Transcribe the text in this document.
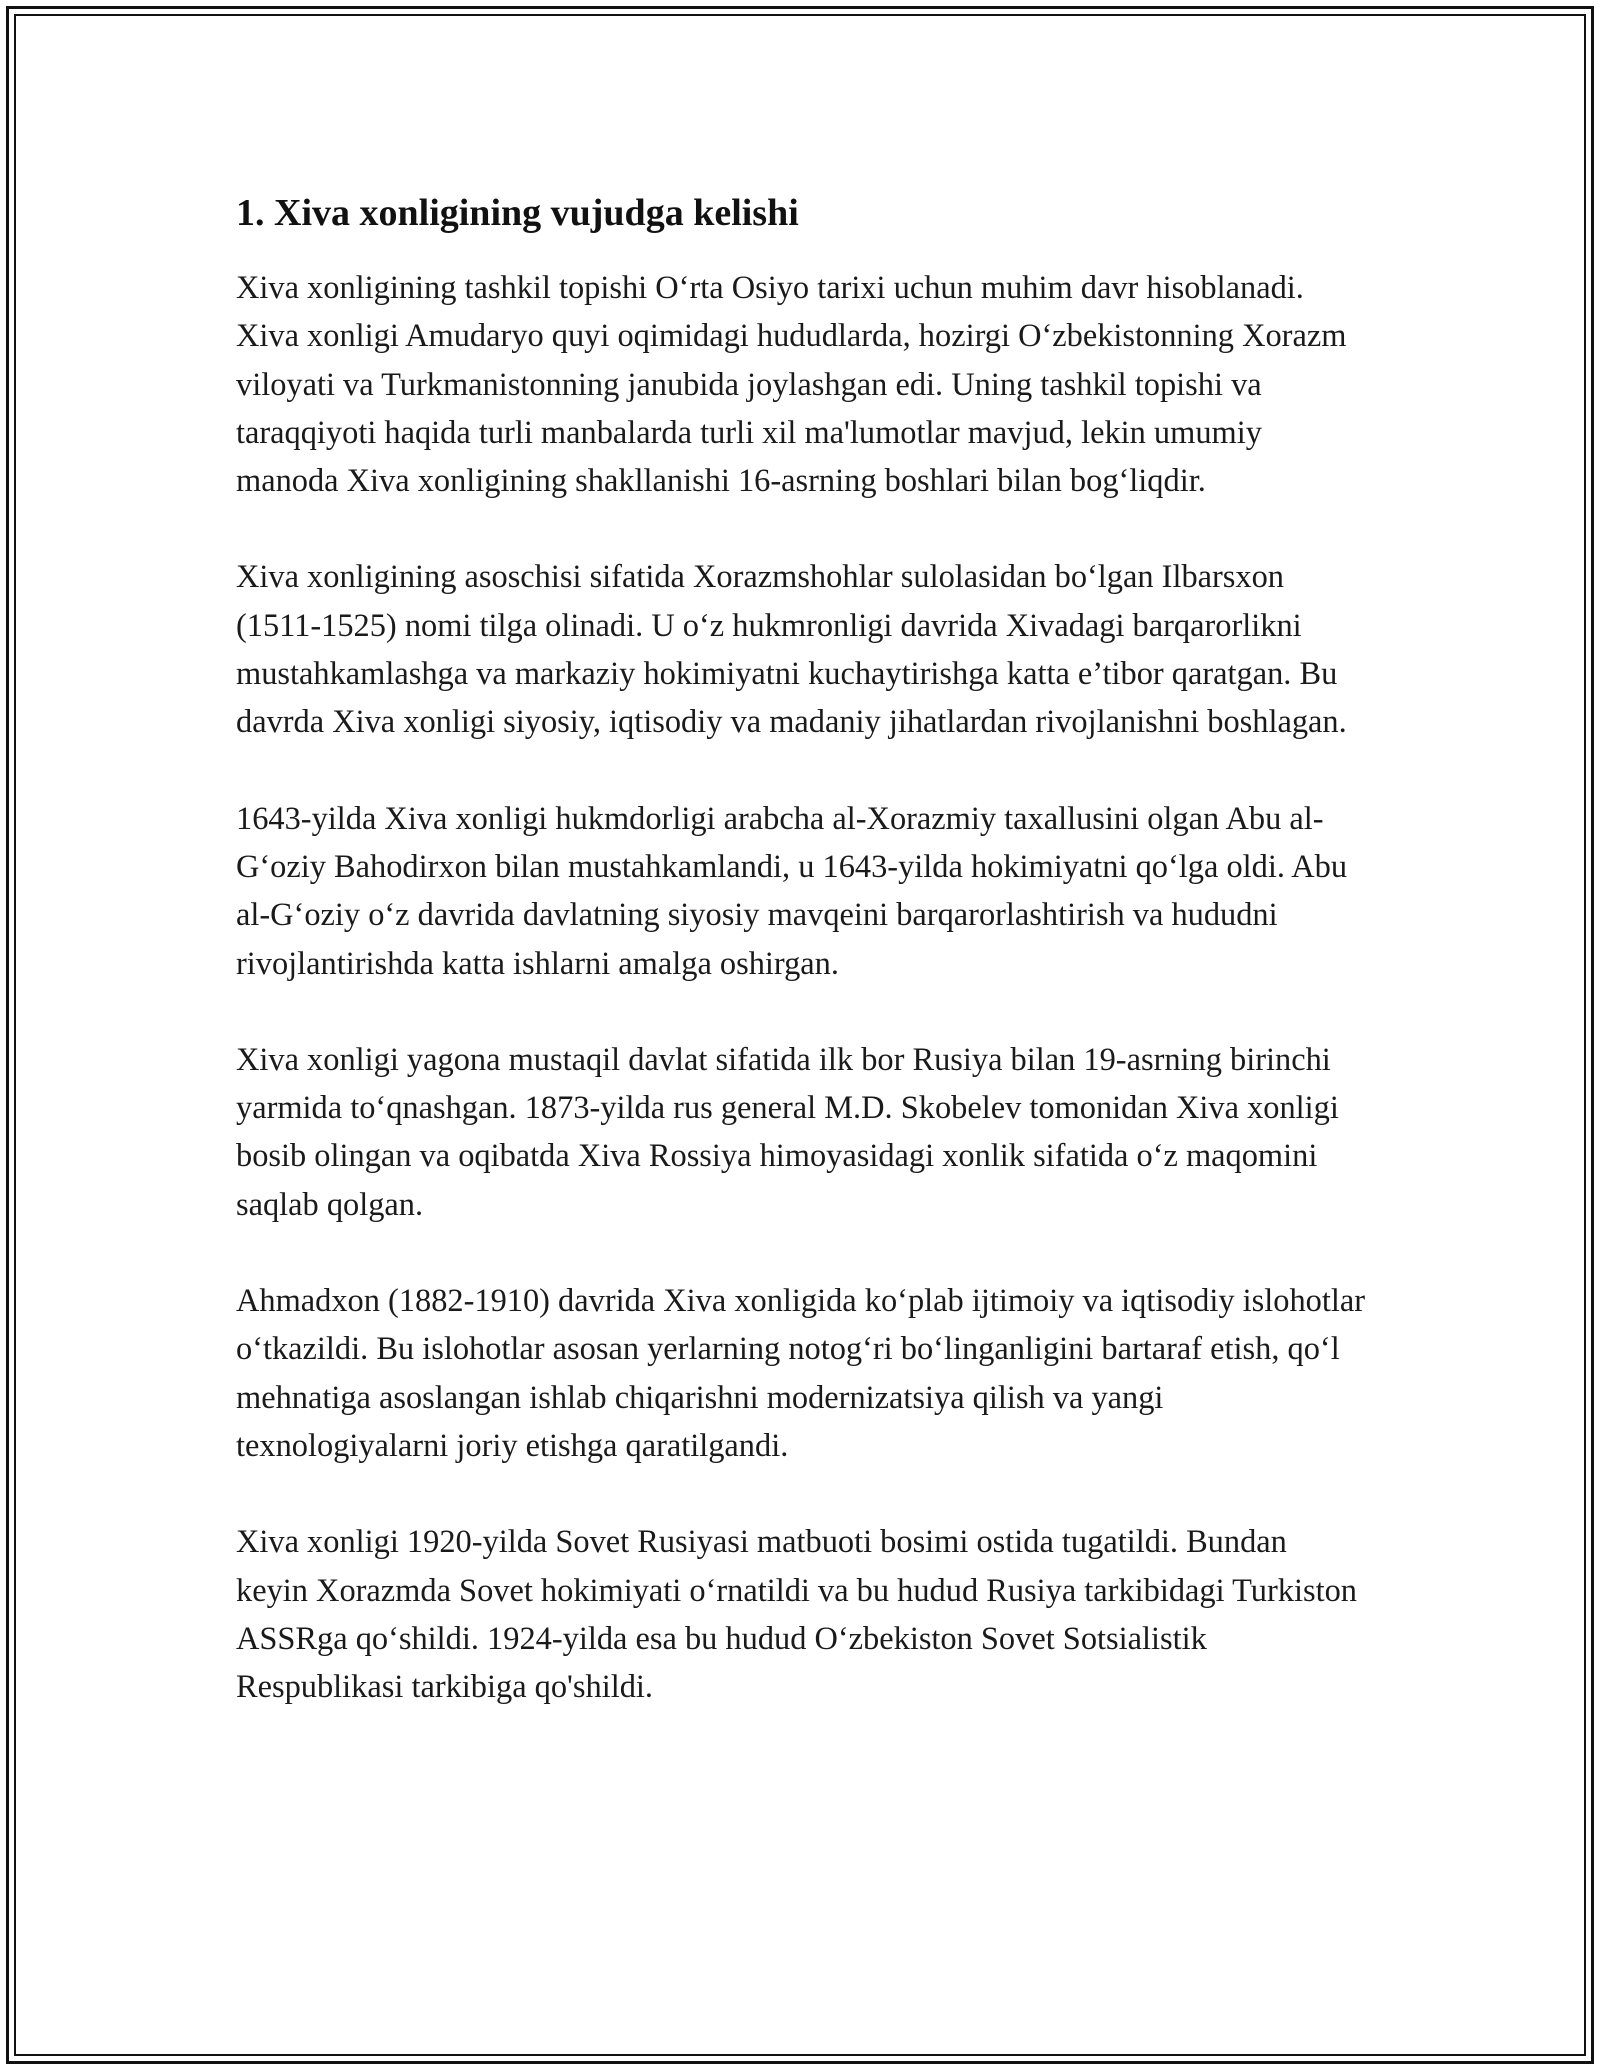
1. Xiva xonligining vujudga kelishi

Xiva xonligining tashkil topishi O‘rta Osiyo tarixi uchun muhim davr hisoblanadi. Xiva xonligi Amudaryo quyi oqimidagi hududlarda, hozirgi O‘zbekistonning Xorazm viloyati va Turkmanistonning janubida joylashgan edi. Uning tashkil topishi va taraqqiyoti haqida turli manbalarda turli xil ma'lumotlar mavjud, lekin umumiy manoda Xiva xonligining shakllanishi 16-asrning boshlari bilan bog‘liqdir.

Xiva xonligining asoschisi sifatida Xorazmshohlar sulolasidan bo‘lgan Ilbarsxon (1511-1525) nomi tilga olinadi. U o‘z hukmronligi davrida Xivadagi barqarorlikni mustahkamlashga va markaziy hokimiyatni kuchaytirishga katta e’tibor qaratgan. Bu davrda Xiva xonligi siyosiy, iqtisodiy va madaniy jihatlardan rivojlanishni boshlagan.

1643-yilda Xiva xonligi hukmdorligi arabcha al-Xorazmiy taxallusini olgan Abu al-G‘oziy Bahodirxon bilan mustahkamlandi, u 1643-yilda hokimiyatni qo‘lga oldi. Abu al-G‘oziy o‘z davrida davlatning siyosiy mavqeini barqarorlashtirish va hududni rivojlantirishda katta ishlarni amalga oshirgan.

Xiva xonligi yagona mustaqil davlat sifatida ilk bor Rusiya bilan 19-asrning birinchi yarmida to‘qnashgan. 1873-yilda rus general M.D. Skobelev tomonidan Xiva xonligi bosib olingan va oqibatda Xiva Rossiya himoyasidagi xonlik sifatida o‘z maqomini saqlab qolgan.

Ahmadxon (1882-1910) davrida Xiva xonligida ko‘plab ijtimoiy va iqtisodiy islohotlar o‘tkazildi. Bu islohotlar asosan yerlarning notog‘ri bo‘linganligini bartaraf etish, qo‘l mehnatiga asoslangan ishlab chiqarishni modernizatsiya qilish va yangi texnologiyalarni joriy etishga qaratilgandi.

Xiva xonligi 1920-yilda Sovet Rusiyasi matbuoti bosimi ostida tugatildi. Bundan keyin Xorazmda Sovet hokimiyati o‘rnatildi va bu hudud Rusiya tarkibidagi Turkiston ASSRga qo‘shildi. 1924-yilda esa bu hudud O‘zbekiston Sovet Sotsialistik Respublikasi tarkibiga qo'shildi.
